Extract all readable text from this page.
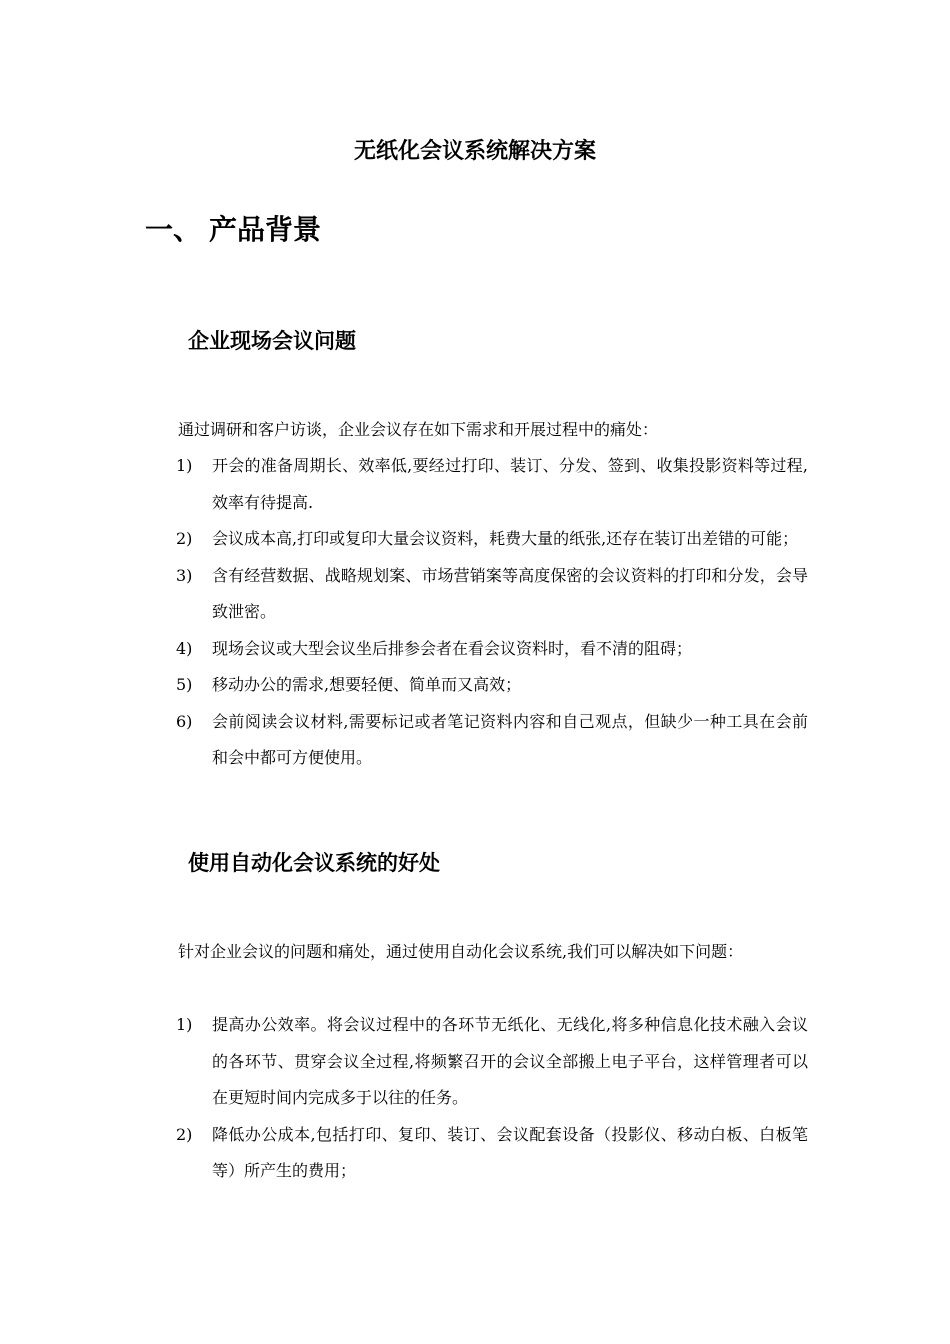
无纸化会议系统解决方案
一、 产品背景
企业现场会议问题
通过调研和客户访谈，企业会议存在如下需求和开展过程中的痛处：
1) 开会的准备周期长、效率低,要经过打印、装订、分发、签到、收集投影资料等过程,效率有待提高.
2) 会议成本高,打印或复印大量会议资料，耗费大量的纸张,还存在装订出差错的可能；
3) 含有经营数据、战略规划案、市场营销案等高度保密的会议资料的打印和分发，会导致泄密。
4) 现场会议或大型会议坐后排参会者在看会议资料时，看不清的阻碍；
5) 移动办公的需求,想要轻便、简单而又高效；
6) 会前阅读会议材料,需要标记或者笔记资料内容和自己观点，但缺少一种工具在会前和会中都可方便使用。
使用自动化会议系统的好处
针对企业会议的问题和痛处，通过使用自动化会议系统,我们可以解决如下问题：
1) 提高办公效率。将会议过程中的各环节无纸化、无线化,将多种信息化技术融入会议的各环节、贯穿会议全过程,将频繁召开的会议全部搬上电子平台，这样管理者可以在更短时间内完成多于以往的任务。
2) 降低办公成本,包括打印、复印、装订、会议配套设备（投影仪、移动白板、白板笔等）所产生的费用；
